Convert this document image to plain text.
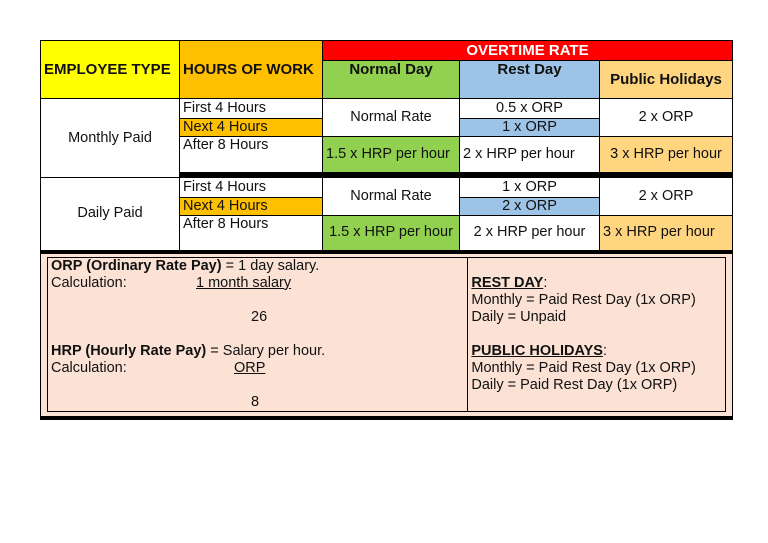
EMPLOYEE TYPE	HOURS OF WORK	OVERTIME RATE
Normal Day	Rest Day	Public Holidays
Monthly Paid	First 4 Hours	Normal Rate	0.5 x ORP	2 x ORP
Next 4 Hours	1 x ORP
After 8 Hours	1.5 x HRP per hour	2 x HRP per hour	3 x HRP per hour

Daily Paid	First 4 Hours	Normal Rate	1 x ORP	2 x ORP
Next 4 Hours	2 x ORP
After 8 Hours	1.5 x HRP per hour	2 x HRP per hour	3 x HRP per hour

ORP (Ordinary Rate Pay) = 1 day salary.
Calculation:	1 month salary
26
HRP (Hourly Rate Pay) = Salary per hour.
Calculation:	ORP
8

REST DAY:
Monthly = Paid Rest Day (1x ORP)
Daily = Unpaid
PUBLIC HOLIDAYS:
Monthly = Paid Rest Day (1x ORP)
Daily = Paid Rest Day (1x ORP)
